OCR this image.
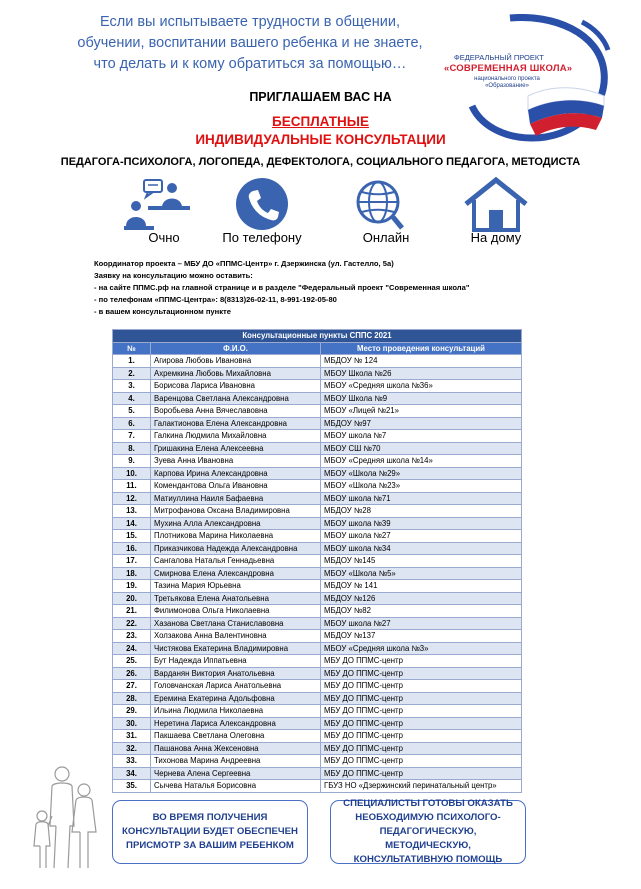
Если вы испытываете трудности в общении,
обучении, воспитании вашего ребенка и не знаете,
что делать и к кому обратиться за помощью…	ФЕДЕРАЛЬНЫЙ ПРОЕКТ
«СОВРЕМЕННАЯ ШКОЛА»
национального проекта «Образование»
ПРИГЛАШАЕМ ВАС НА
БЕСПЛАТНЫЕ
ИНДИВИДУАЛЬНЫЕ КОНСУЛЬТАЦИИ
ПЕДАГОГА-ПСИХОЛОГА, ЛОГОПЕДА, ДЕФЕКТОЛОГА, СОЦИАЛЬНОГО ПЕДАГОГА, МЕТОДИСТА
Очно	По телефону	Онлайн	На дому
Координатор проекта – МБУ ДО «ППМС-Центр» г. Дзержинска (ул. Гастелло, 5а)
Заявку на консультацию можно оставить:
- на сайте ППМС.рф на главной странице и в разделе "Федеральный проект "Современная школа"
- по телефонам «ППМС-Центра»: 8(8313)26-02-11, 8-991-192-05-80
- в вашем консультационном пункте
Консультационные пункты СППС 2021		
№	Ф.И.О.	Место проведения консультаций
1.	Агирова Любовь Ивановна	МБДОУ № 124
2.	Ахремкина Любовь Михайловна	МБОУ Школа №26
3.	Борисова Лариса Ивановна	МБОУ «Средняя школа №36»
4.	Варенцова Светлана Александровна	МБОУ Школа №9
5.	Воробьева Анна Вячеславовна	МБОУ «Лицей №21»
6.	Галактионова Елена Александровна	МБДОУ №97
7.	Галкина Людмила Михайловна	МБОУ школа №7
8.	Гришакина Елена Алексеевна	МБОУ СШ №70
9.	Зуева Анна Ивановна	МБОУ «Средняя школа №14»
10.	Карпова Ирина Александровна	МБОУ «Школа №29»
11.	Комендантова Ольга Ивановна	МБОУ «Школа №23»
12.	Матиуллина Наиля Бафаевна	МБОУ школа №71
13.	Митрофанова Оксана Владимировна	МБДОУ №28
14.	Мухина Алла Александровна	МБОУ школа №39
15.	Плотникова Марина Николаевна	МБОУ школа №27
16.	Приказчикова Надежда Александровна	МБОУ школа №34
17.	Сангалова Наталья Геннадьевна	МБДОУ №145
18.	Смирнова Елена Александровна	МБОУ «Школа №5»
19.	Тазина Мария Юрьевна	МБДОУ № 141
20.	Третьякова Елена Анатольевна	МБДОУ №126
21.	Филимонова Ольга Николаевна	МБДОУ №82
22.	Хазанова Светлана Станиславовна	МБОУ школа №27
23.	Холзакова Анна Валентиновна	МБДОУ №137
24.	Чистякова Екатерина Владимировна	МБОУ «Средняя школа №3»
25.	Бут Надежда Иппатьевна	МБУ ДО ППМС-центр
26.	Варданян Виктория Анатольевна	МБУ ДО ППМС-центр
27.	Головчанская Лариса Анатольевна	МБУ ДО ППМС-центр
28.	Еремина Екатерина Адольфовна	МБУ ДО ППМС-центр
29.	Ильина Людмила Николаевна	МБУ ДО ППМС-центр
30.	Неретина Лариса Александровна	МБУ ДО ППМС-центр
31.	Пакшаева Светлана Олеговна	МБУ ДО ППМС-центр
32.	Пашанова Анна Жексеновна	МБУ ДО ППМС-центр
33.	Тихонова Марина Андреевна	МБУ ДО ППМС-центр
34.	Чернева Алена Сергеевна	МБУ ДО ППМС-центр
35.	Сычева Наталья Борисовна	ГБУЗ НО «Дзержинский перинатальный центр»
ВО ВРЕМЯ ПОЛУЧЕНИЯ КОНСУЛЬТАЦИИ БУДЕТ ОБЕСПЕЧЕН ПРИСМОТР ЗА ВАШИМ РЕБЕНКОМ
СПЕЦИАЛИСТЫ ГОТОВЫ ОКАЗАТЬ НЕОБХОДИМУЮ ПСИХОЛОГО-ПЕДАГОГИЧЕСКУЮ, МЕТОДИЧЕСКУЮ, КОНСУЛЬТАТИВНУЮ ПОМОЩЬ
